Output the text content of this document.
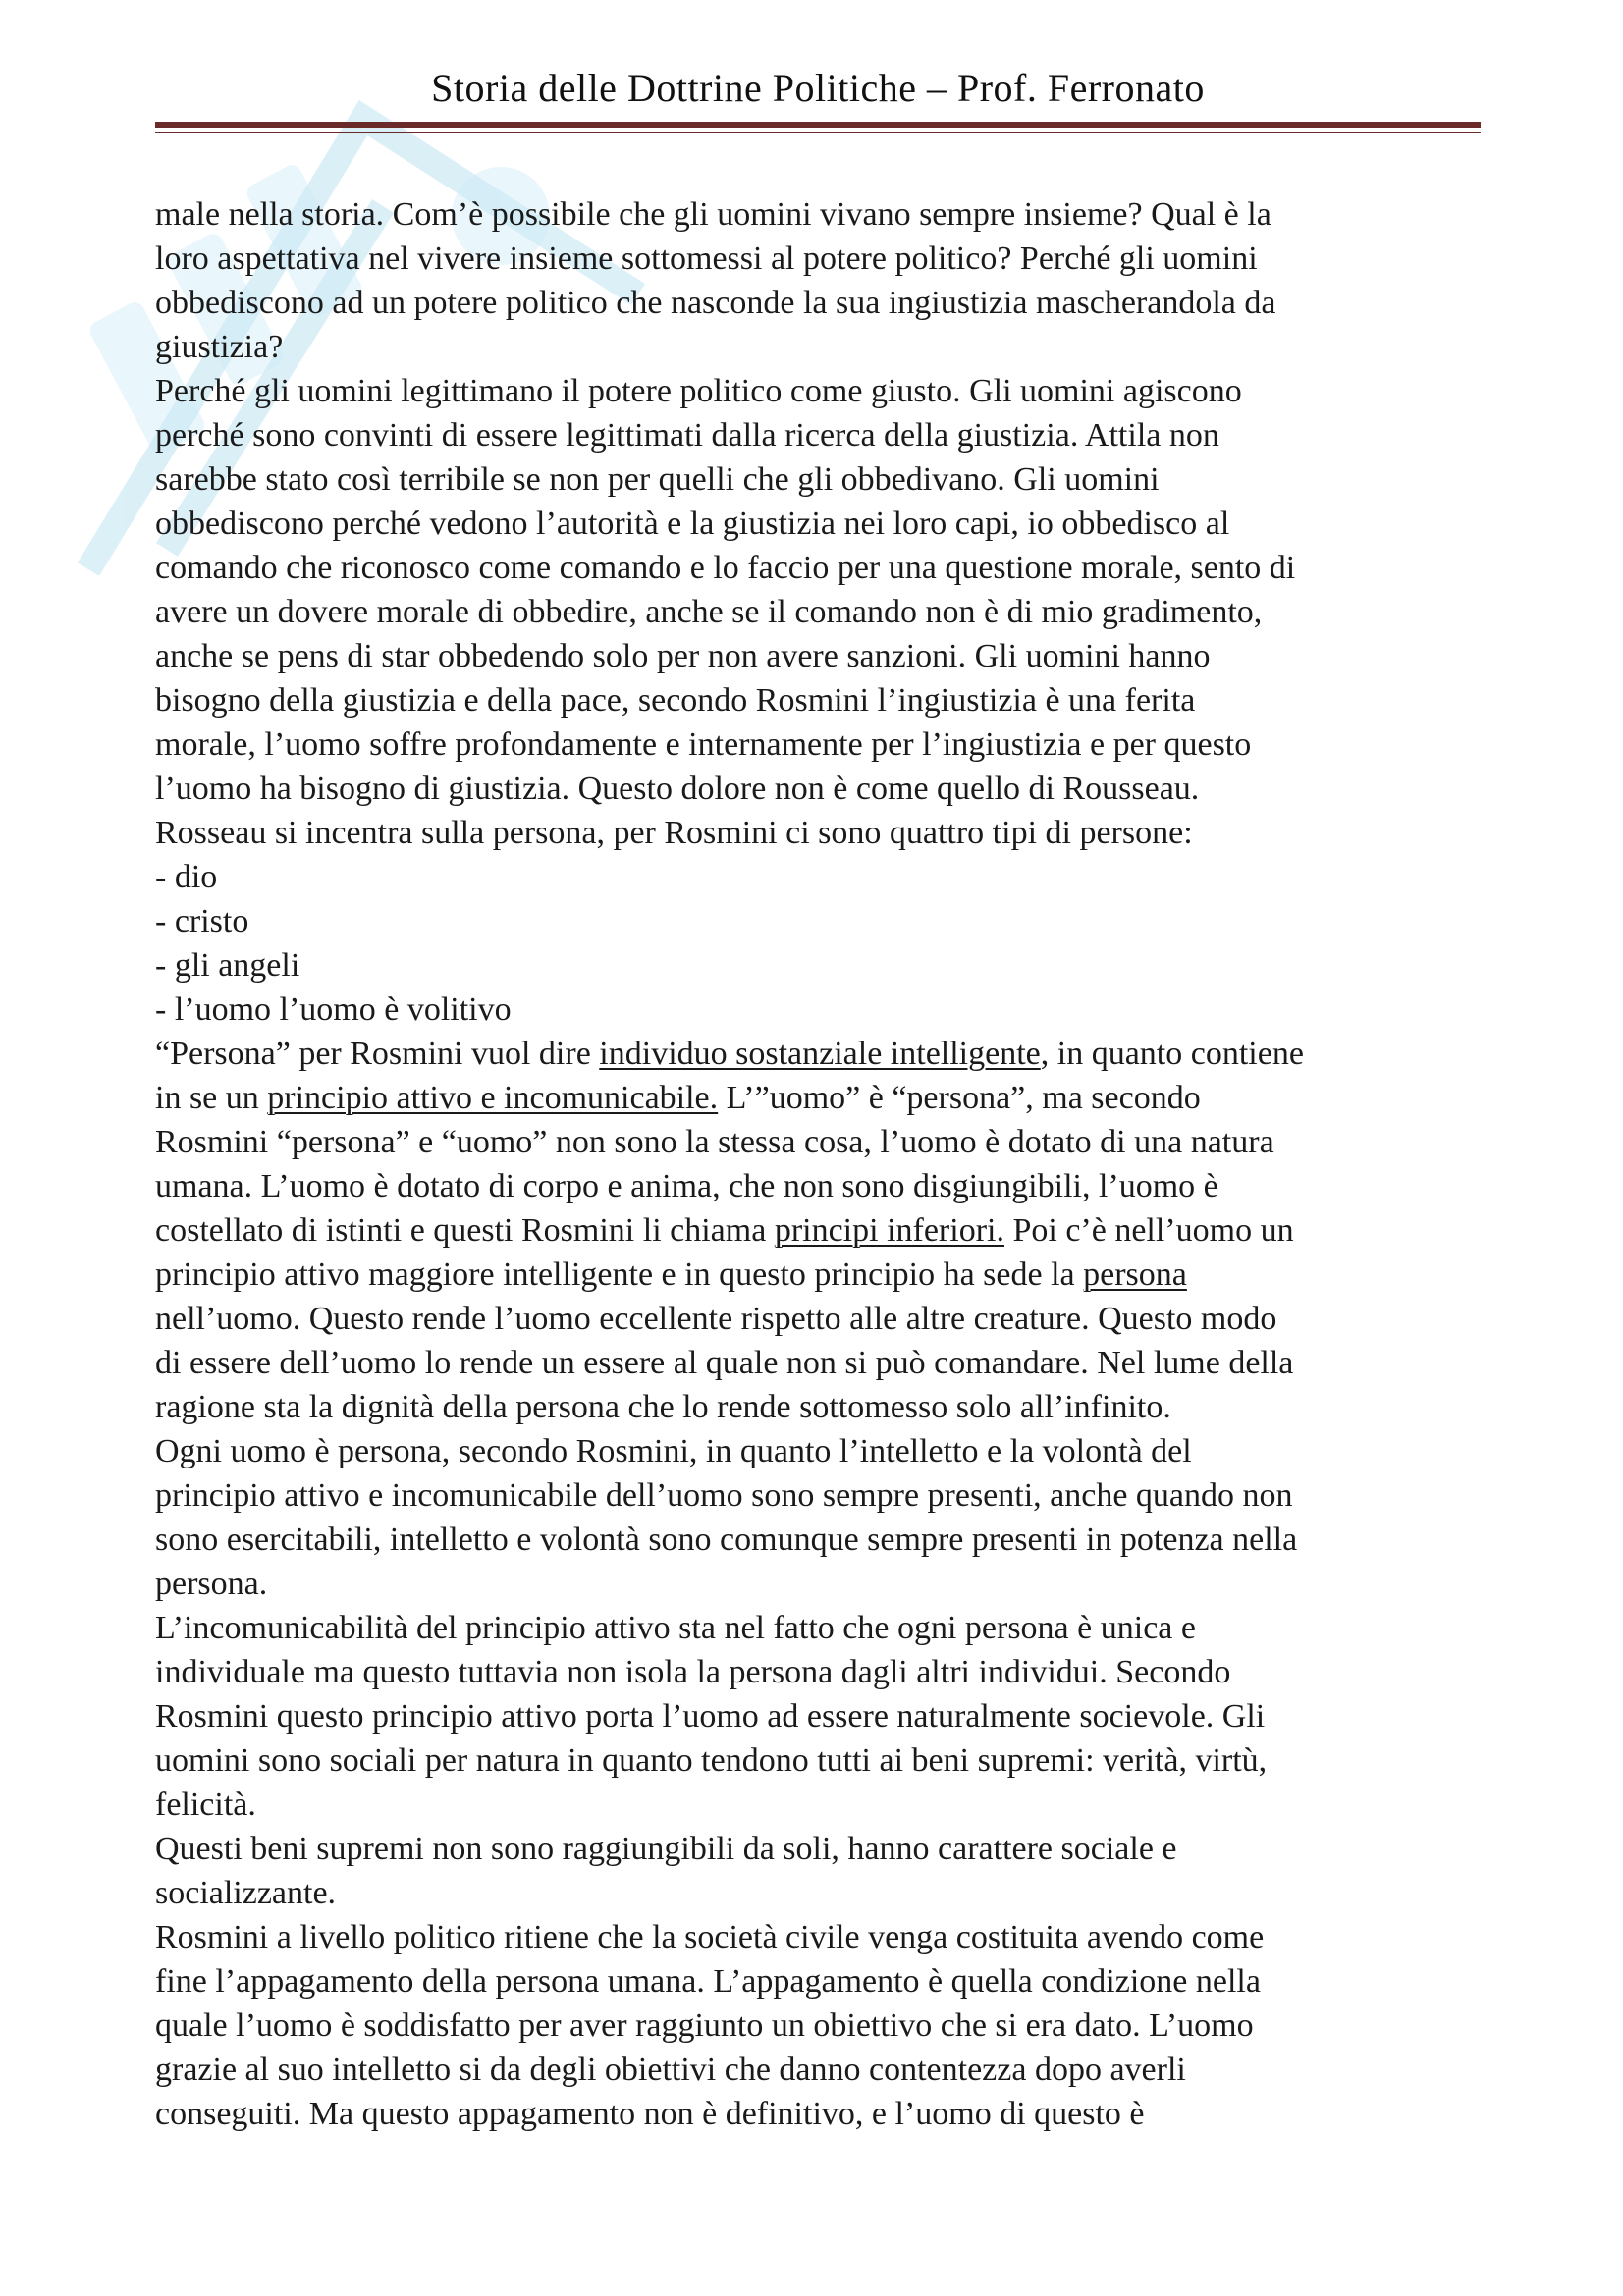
Storia delle Dottrine Politiche – Prof. Ferronato

male nella storia. Com’è possibile che gli uomini vivano sempre insieme? Qual è la

loro aspettativa nel vivere insieme sottomessi al potere politico? Perché gli uomini

obbediscono ad un potere politico che nasconde la sua ingiustizia mascherandola da

giustizia?

Perché gli uomini legittimano il potere politico come giusto. Gli uomini agiscono

perché sono convinti di essere legittimati dalla ricerca della giustizia. Attila non

sarebbe stato così terribile se non per quelli che gli obbedivano. Gli uomini

obbediscono perché vedono l’autorità e la giustizia nei loro capi, io obbedisco al

comando che riconosco come comando e lo faccio per una questione morale, sento di

avere un dovere morale di obbedire, anche se il comando non è di mio gradimento,

anche se pens di star obbedendo solo per non avere sanzioni. Gli uomini hanno

bisogno della giustizia e della pace, secondo Rosmini l’ingiustizia è una ferita

morale, l’uomo soffre profondamente e internamente per l’ingiustizia e per questo

l’uomo ha bisogno di giustizia. Questo dolore non è come quello di Rousseau.

Rosseau si incentra sulla persona, per Rosmini ci sono quattro tipi di persone:

- dio

- cristo

- gli angeli

- l’uomo l’uomo è volitivo

“Persona” per Rosmini vuol dire individuo sostanziale intelligente, in quanto contiene

in se un principio attivo e incomunicabile. L’”uomo” è “persona”, ma secondo

Rosmini “persona” e “uomo” non sono la stessa cosa, l’uomo è dotato di una natura

umana. L’uomo è dotato di corpo e anima, che non sono disgiungibili, l’uomo è

costellato di istinti e questi Rosmini li chiama principi inferiori. Poi c’è nell’uomo un

principio attivo maggiore intelligente e in questo principio ha sede la persona

nell’uomo. Questo rende l’uomo eccellente rispetto alle altre creature. Questo modo

di essere dell’uomo lo rende un essere al quale non si può comandare. Nel lume della

ragione sta la dignità della persona che lo rende sottomesso solo all’infinito.

Ogni uomo è persona, secondo Rosmini, in quanto l’intelletto e la volontà del

principio attivo e incomunicabile dell’uomo sono sempre presenti, anche quando non

sono esercitabili, intelletto e volontà sono comunque sempre presenti in potenza nella

persona.

L’incomunicabilità del principio attivo sta nel fatto che ogni persona è unica e

individuale ma questo tuttavia non isola la persona dagli altri individui. Secondo

Rosmini questo principio attivo porta l’uomo ad essere naturalmente socievole. Gli

uomini sono sociali per natura in quanto tendono tutti ai beni supremi: verità, virtù,

felicità.

Questi beni supremi non sono raggiungibili da soli, hanno carattere sociale e

socializzante.

Rosmini a livello politico ritiene che la società civile venga costituita avendo come

fine l’appagamento della persona umana. L’appagamento è quella condizione nella

quale l’uomo è soddisfatto per aver raggiunto un obiettivo che si era dato. L’uomo

grazie al suo intelletto si da degli obiettivi che danno contentezza dopo averli

conseguiti. Ma questo appagamento non è definitivo, e l’uomo di questo è
